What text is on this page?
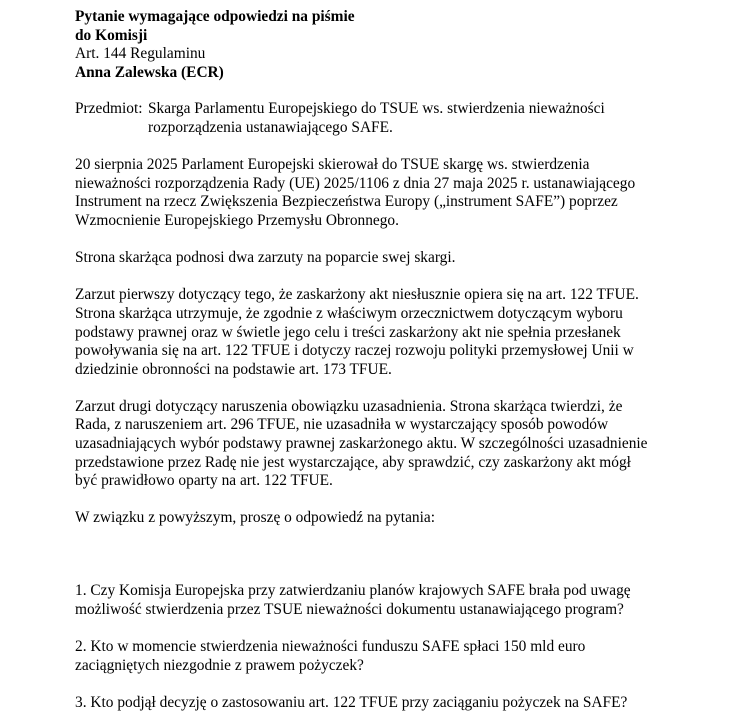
Pytanie wymagające odpowiedzi na piśmie
do Komisji
Art. 144 Regulaminu
Anna Zalewska (ECR)
Przedmiot: Skarga Parlamentu Europejskiego do TSUE ws. stwierdzenia nieważności
rozporządzenia ustanawiającego SAFE.

20 sierpnia 2025 Parlament Europejski skierował do TSUE skargę ws. stwierdzenia
nieważności rozporządzenia Rady (UE) 2025/1106 z dnia 27 maja 2025 r. ustanawiającego
Instrument na rzecz Zwiększenia Bezpieczeństwa Europy („instrument SAFE”) poprzez
Wzmocnienie Europejskiego Przemysłu Obronnego.

Strona skarżąca podnosi dwa zarzuty na poparcie swej skargi.

Zarzut pierwszy dotyczący tego, że zaskarżony akt niesłusznie opiera się na art. 122 TFUE.
Strona skarżąca utrzymuje, że zgodnie z właściwym orzecznictwem dotyczącym wyboru
podstawy prawnej oraz w świetle jego celu i treści zaskarżony akt nie spełnia przesłanek
powoływania się na art. 122 TFUE i dotyczy raczej rozwoju polityki przemysłowej Unii w
dziedzinie obronności na podstawie art. 173 TFUE.

Zarzut drugi dotyczący naruszenia obowiązku uzasadnienia. Strona skarżąca twierdzi, że
Rada, z naruszeniem art. 296 TFUE, nie uzasadniła w wystarczający sposób powodów
uzasadniających wybór podstawy prawnej zaskarżonego aktu. W szczególności uzasadnienie
przedstawione przez Radę nie jest wystarczające, aby sprawdzić, czy zaskarżony akt mógł
być prawidłowo oparty na art. 122 TFUE.

W związku z powyższym, proszę o odpowiedź na pytania:

1. Czy Komisja Europejska przy zatwierdzaniu planów krajowych SAFE brała pod uwagę
możliwość stwierdzenia przez TSUE nieważności dokumentu ustanawiającego program?

2. Kto w momencie stwierdzenia nieważności funduszu SAFE spłaci 150 mld euro
zaciągniętych niezgodnie z prawem pożyczek?

3. Kto podjął decyzję o zastosowaniu art. 122 TFUE przy zaciąganiu pożyczek na SAFE?
